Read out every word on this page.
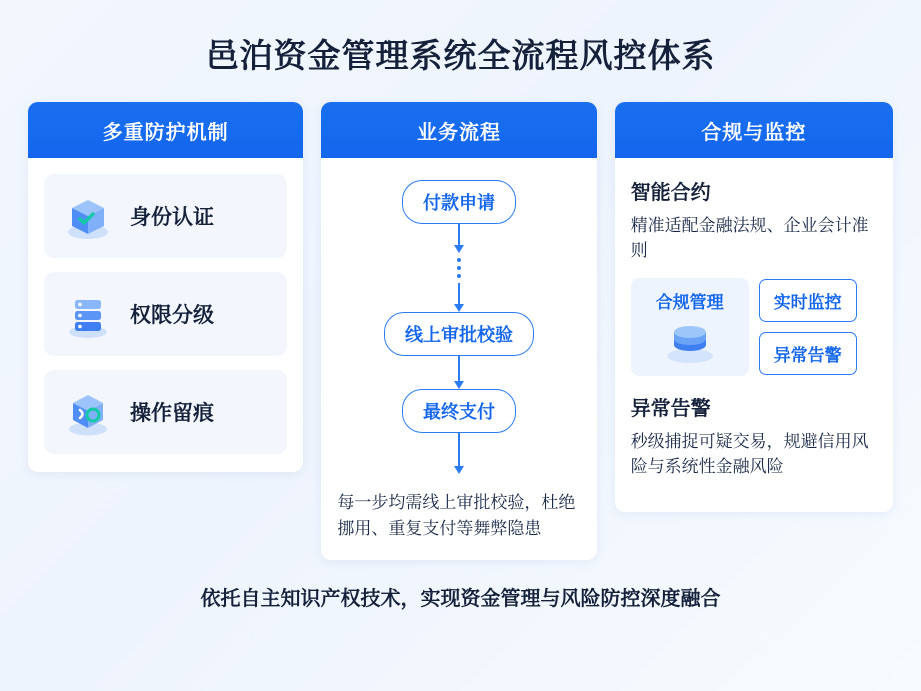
邑泊资金管理系统全流程风控体系
多重防护机制
身份认证
权限分级
操作留痕
业务流程
付款申请
线上审批校验
最终支付
每一步均需线上审批校验，杜绝挪用、重复支付等舞弊隐患
合规与监控
智能合约
精准适配金融法规、企业会计准则
合规管理	实时监控
异常告警
异常告警
秒级捕捉可疑交易，规避信用风险与系统性金融风险
依托自主知识产权技术，实现资金管理与风险防控深度融合
